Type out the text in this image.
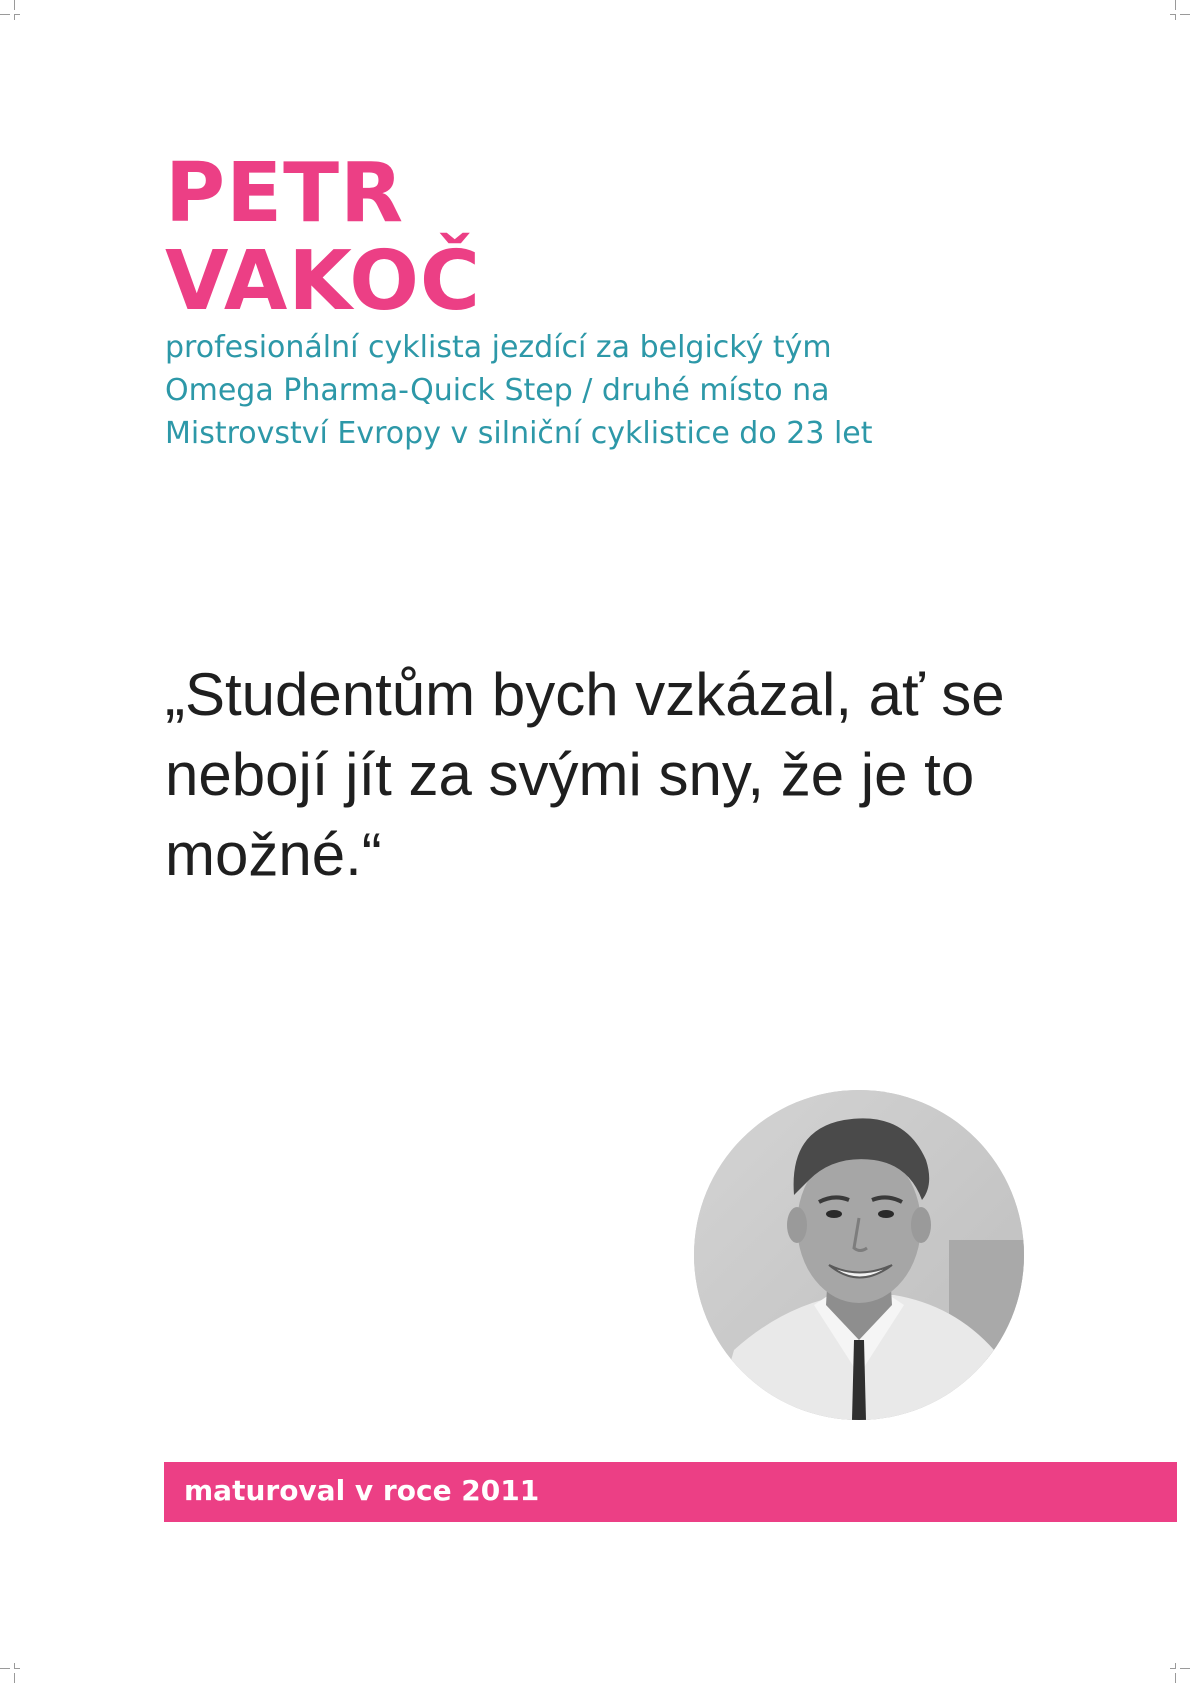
PETR
VAKOČ

profesionální cyklista jezdící za belgický tým
Omega Pharma-Quick Step / druhé místo na
Mistrovství Evropy v silniční cyklistice do 23 let

„Studentům bych vzkázal, ať se
nebojí jít za svými sny, že je to
možné.“
maturoval v roce 2011
